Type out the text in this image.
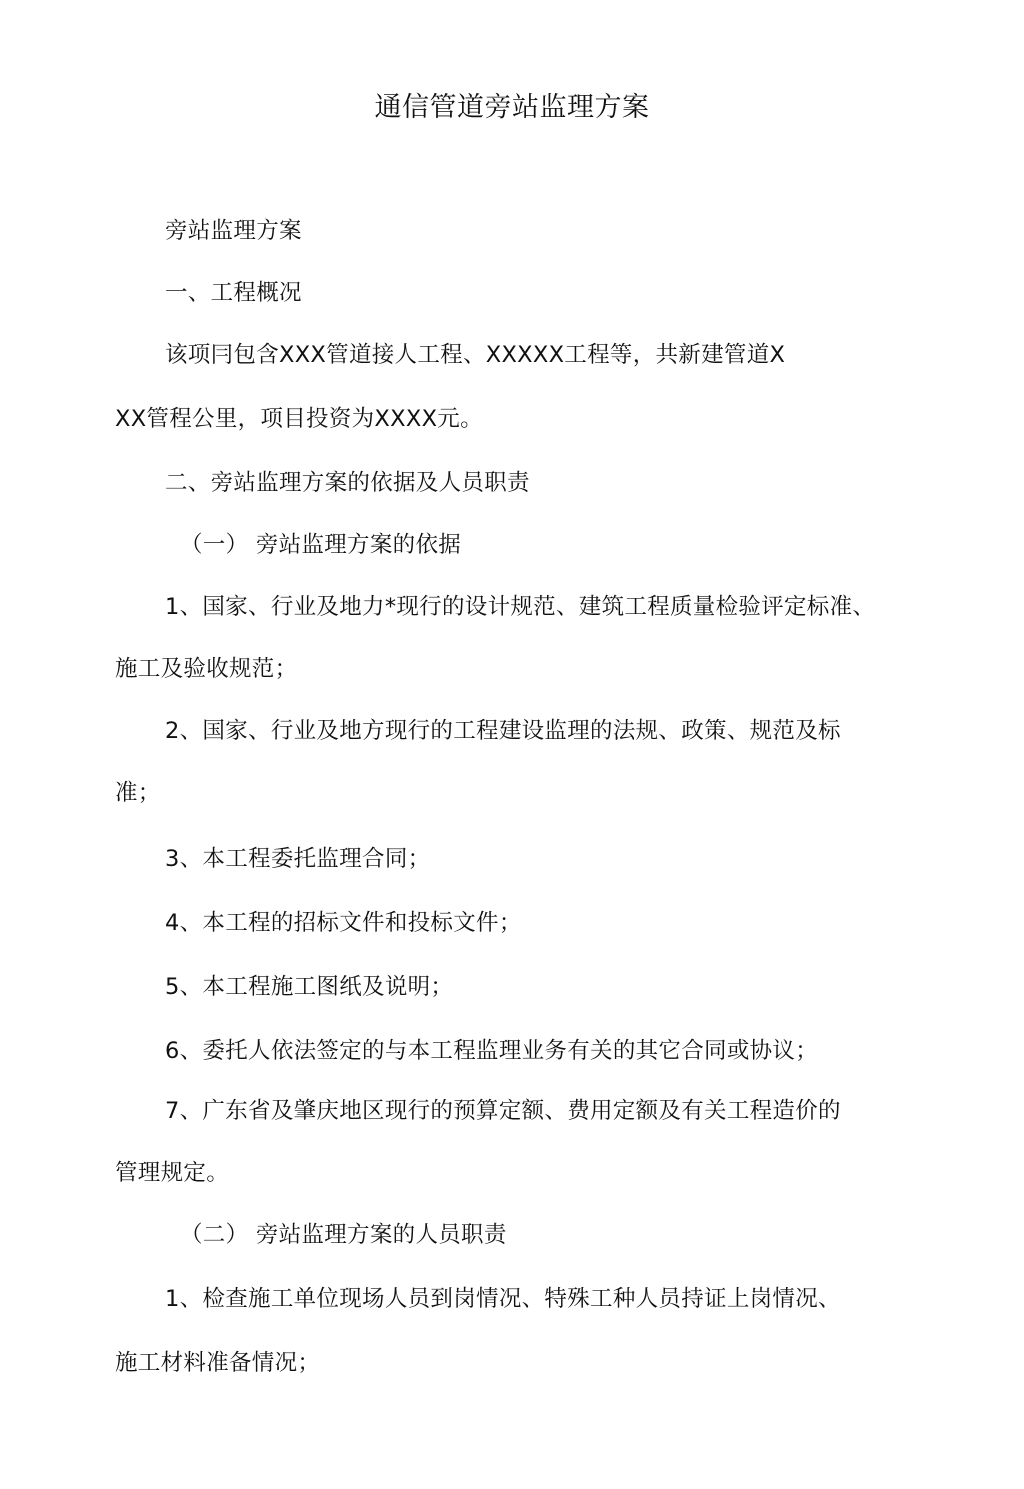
通信管道旁站监理方案
旁站监理方案
一、工程概况
该项冃包含XXX管道接人工程、XXXXX工程等，共新建管道X
XX管程公里，项目投资为XXXX元。
二、旁站监理方案的依据及人员职责
（一） 旁站监理方案的依据
1、国家、行业及地力*现行的设计规范、建筑工程质量检验评定标准、
施工及验收规范；
2、国家、行业及地方现行的工程建设监理的法规、政策、规范及标
准；
3、本工程委托监理合同；
4、本工程的招标文件和投标文件；
5、本工程施工图纸及说明；
6、委托人依法签定的与本工程监理业务有关的其它合同或协议；
7、广东省及肇庆地区现行的预算定额、费用定额及有关工程造价的
管理规定。
（二） 旁站监理方案的人员职责
1、检查施工单位现场人员到岗情况、特殊工种人员持证上岗情况、
施工材料准备情况；
